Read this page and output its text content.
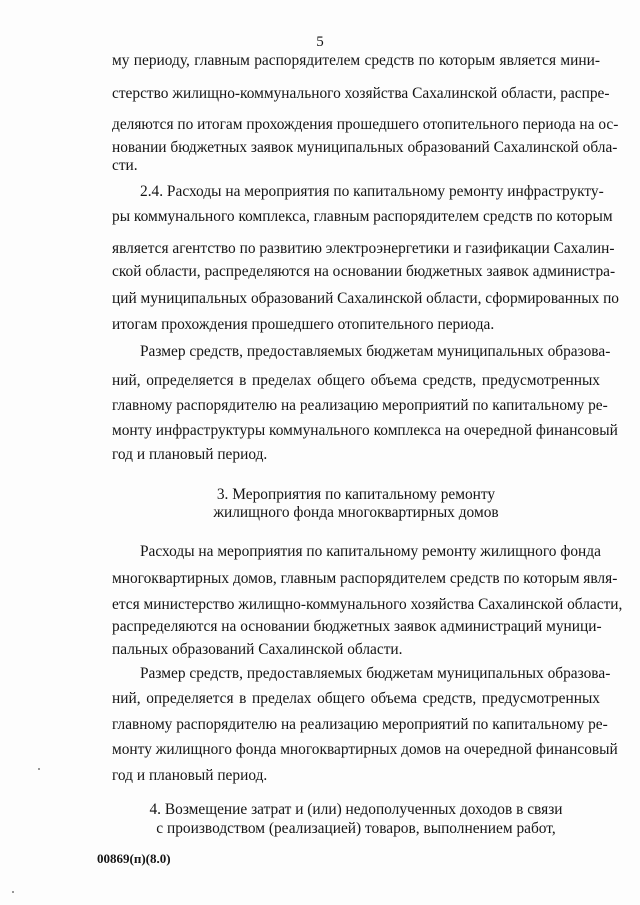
5
му периоду, главным распорядителем средств по которым является мини-
стерство жилищно-коммунального хозяйства Сахалинской области, распре-
деляются по итогам прохождения прошедшего отопительного периода на ос-
новании бюджетных заявок муниципальных образований Сахалинской обла-
сти.
2.4. Расходы на мероприятия по капитальному ремонту инфраструкту-
ры коммунального комплекса, главным распорядителем средств по которым
является агентство по развитию электроэнергетики и газификации Сахалин-
ской области, распределяются на основании бюджетных заявок администра-
ций муниципальных образований Сахалинской области, сформированных по
итогам прохождения прошедшего отопительного периода.
Размер средств, предоставляемых бюджетам муниципальных образова-
ний, определяется в пределах общего объема средств, предусмотренных
главному распорядителю на реализацию мероприятий по капитальному ре-
монту инфраструктуры коммунального комплекса на очередной финансовый
год и плановый период.
3. Мероприятия по капитальному ремонту
жилищного фонда многоквартирных домов
Расходы на мероприятия по капитальному ремонту жилищного фонда
многоквартирных домов, главным распорядителем средств по которым явля-
ется министерство жилищно-коммунального хозяйства Сахалинской области,
распределяются на основании бюджетных заявок администраций муници-
пальных образований Сахалинской области.
Размер средств, предоставляемых бюджетам муниципальных образова-
ний, определяется в пределах общего объема средств, предусмотренных
главному распорядителю на реализацию мероприятий по капитальному ре-
монту жилищного фонда многоквартирных домов на очередной финансовый
год и плановый период.
4. Возмещение затрат и (или) недополученных доходов в связи
с производством (реализацией) товаров, выполнением работ,
00869(п)(8.0)
